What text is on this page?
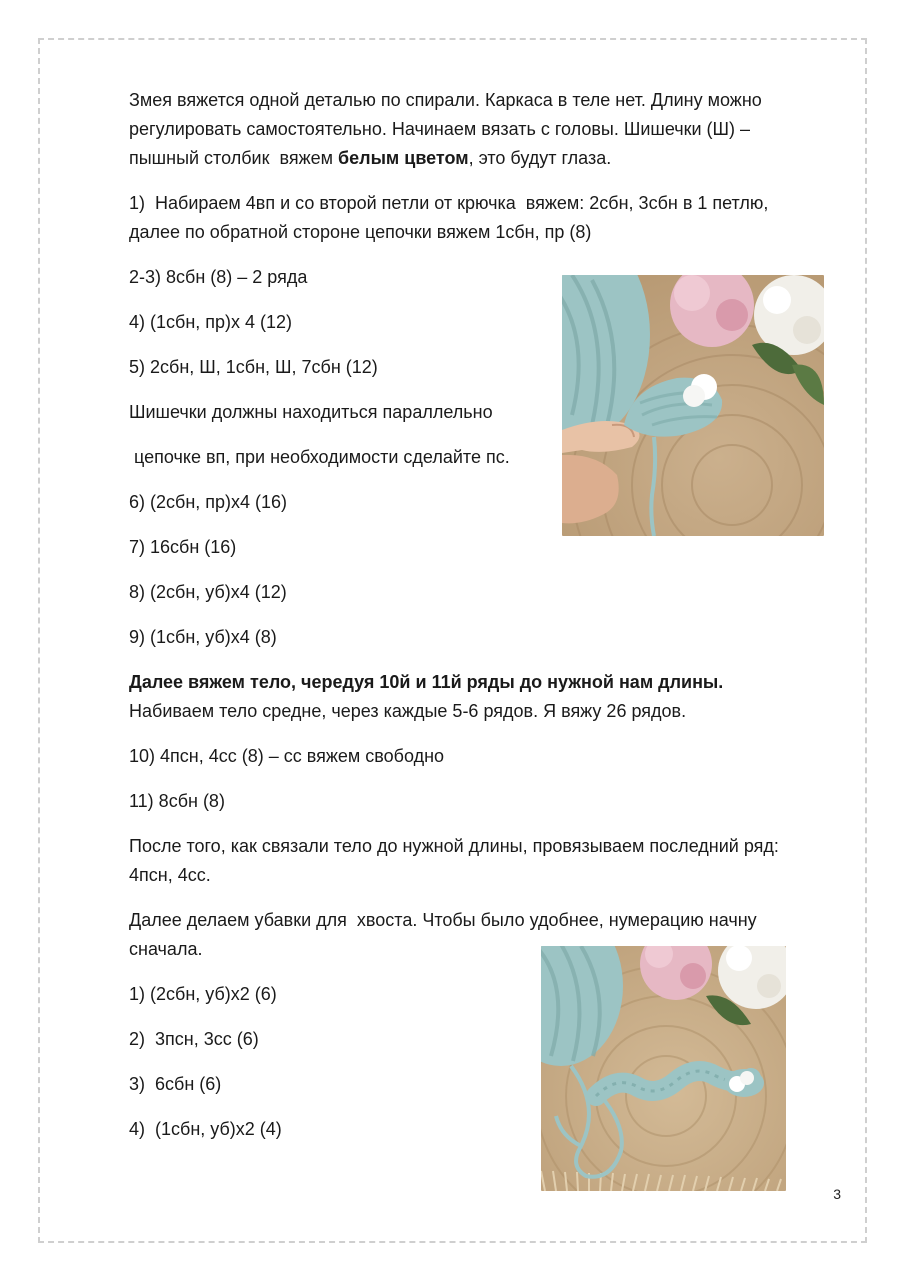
Змея вяжется одной деталью по спирали. Каркаса в теле нет. Длину можно

регулировать самостоятельно. Начинаем вязать с головы. Шишечки (Ш) –

пышный столбик  вяжем белым цветом, это будут глаза.

1)  Набираем 4вп и со второй петли от крючка  вяжем: 2сбн, 3сбн в 1 петлю,

далее по обратной стороне цепочки вяжем 1сбн, пр (8)

2-3) 8сбн (8) – 2 ряда

4) (1сбн, пр)х 4 (12)

5) 2сбн, Ш, 1сбн, Ш, 7сбн (12)

Шишечки должны находиться параллельно

цепочке вп, при необходимости сделайте пс.

6) (2сбн, пр)х4 (16)

7) 16сбн (16)

8) (2сбн, уб)х4 (12)

9) (1сбн, уб)х4 (8)

Далее вяжем тело, чередуя 10й и 11й ряды до нужной нам длины.

Набиваем тело средне, через каждые 5-6 рядов. Я вяжу 26 рядов.

10) 4псн, 4сс (8) – сс вяжем свободно

11) 8сбн (8)

После того, как связали тело до нужной длины, провязываем последний ряд:

4псн, 4сс.

Далее делаем убавки для  хвоста. Чтобы было удобнее, нумерацию начну

сначала.

1) (2сбн, уб)х2 (6)

2)  3псн, 3сс (6)

3)  6сбн (6)

4)  (1сбн, уб)х2 (4)

3
